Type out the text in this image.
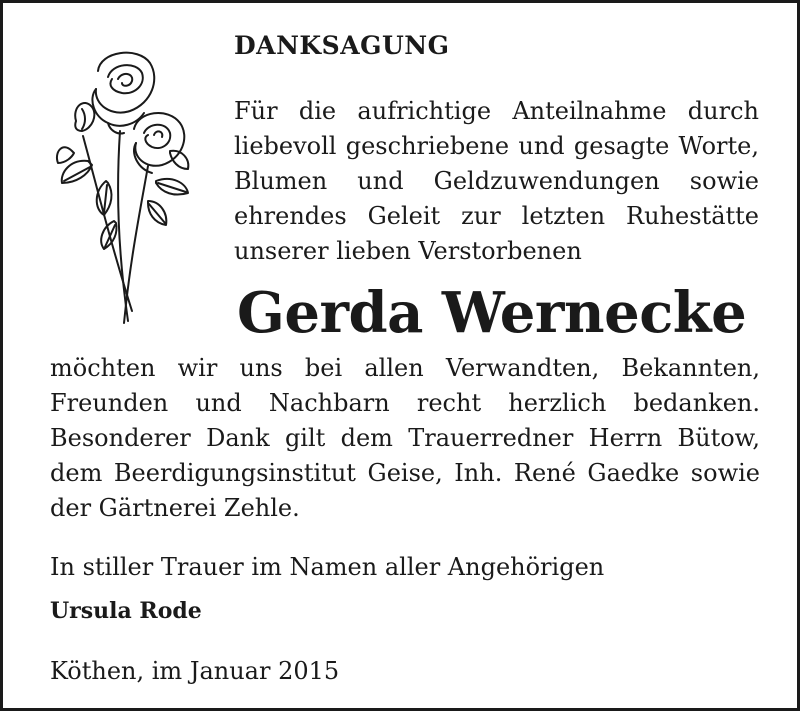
DANKSAGUNG

Für die aufrichtige Anteilnahme durch liebevoll geschriebene und gesagte Worte, Blumen und Geldzuwendungen sowie ehrendes Geleit zur letzten Ruhestätte unserer lieben Verstorbenen

Gerda Wernecke

möchten wir uns bei allen Verwandten, Bekannten, Freunden und Nachbarn recht herzlich bedanken. Besonderer Dank gilt dem Trauerredner Herrn Bütow, dem Beerdigungsinstitut Geise, Inh. René Gaedke sowie der Gärtnerei Zehle.

In stiller Trauer im Namen aller Angehörigen
Ursula Rode
Köthen, im Januar 2015
